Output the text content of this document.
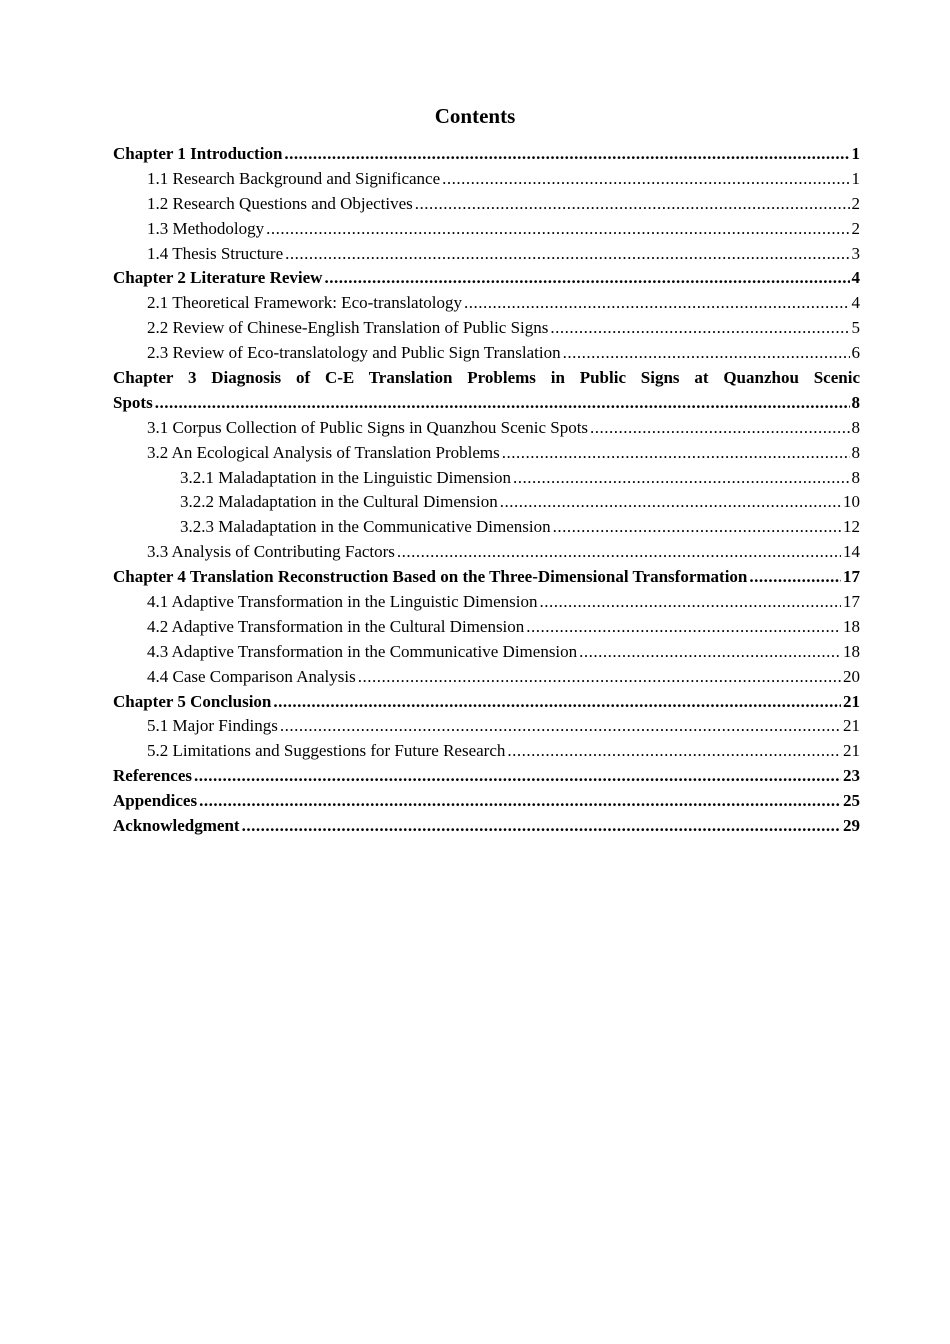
Contents
Chapter 1 Introduction .....	1
1.1 Research Background and Significance .....	1
1.2 Research Questions and Objectives .....	2
1.3 Methodology .....	2
1.4 Thesis Structure .....	3
Chapter 2 Literature Review .....	4
2.1 Theoretical Framework: Eco-translatology .....	4
2.2 Review of Chinese-English Translation of Public Signs .....	5
2.3 Review of Eco-translatology and Public Sign Translation .....	6
Chapter 3 Diagnosis of C-E Translation Problems in Public Signs at Quanzhou Scenic
Spots .....	8
3.1 Corpus Collection of Public Signs in Quanzhou Scenic Spots .....	8
3.2 An Ecological Analysis of Translation Problems .....	8
3.2.1 Maladaptation in the Linguistic Dimension .....	8
3.2.2 Maladaptation in the Cultural Dimension .....	10
3.2.3 Maladaptation in the Communicative Dimension .....	12
3.3 Analysis of Contributing Factors .....	14
Chapter 4 Translation Reconstruction Based on the Three-Dimensional Transformation .....	17
4.1 Adaptive Transformation in the Linguistic Dimension .....	17
4.2 Adaptive Transformation in the Cultural Dimension .....	18
4.3 Adaptive Transformation in the Communicative Dimension .....	18
4.4 Case Comparison Analysis .....	20
Chapter 5 Conclusion .....	21
5.1 Major Findings .....	21
5.2 Limitations and Suggestions for Future Research .....	21
References .....	23
Appendices .....	25
Acknowledgment .....	29
